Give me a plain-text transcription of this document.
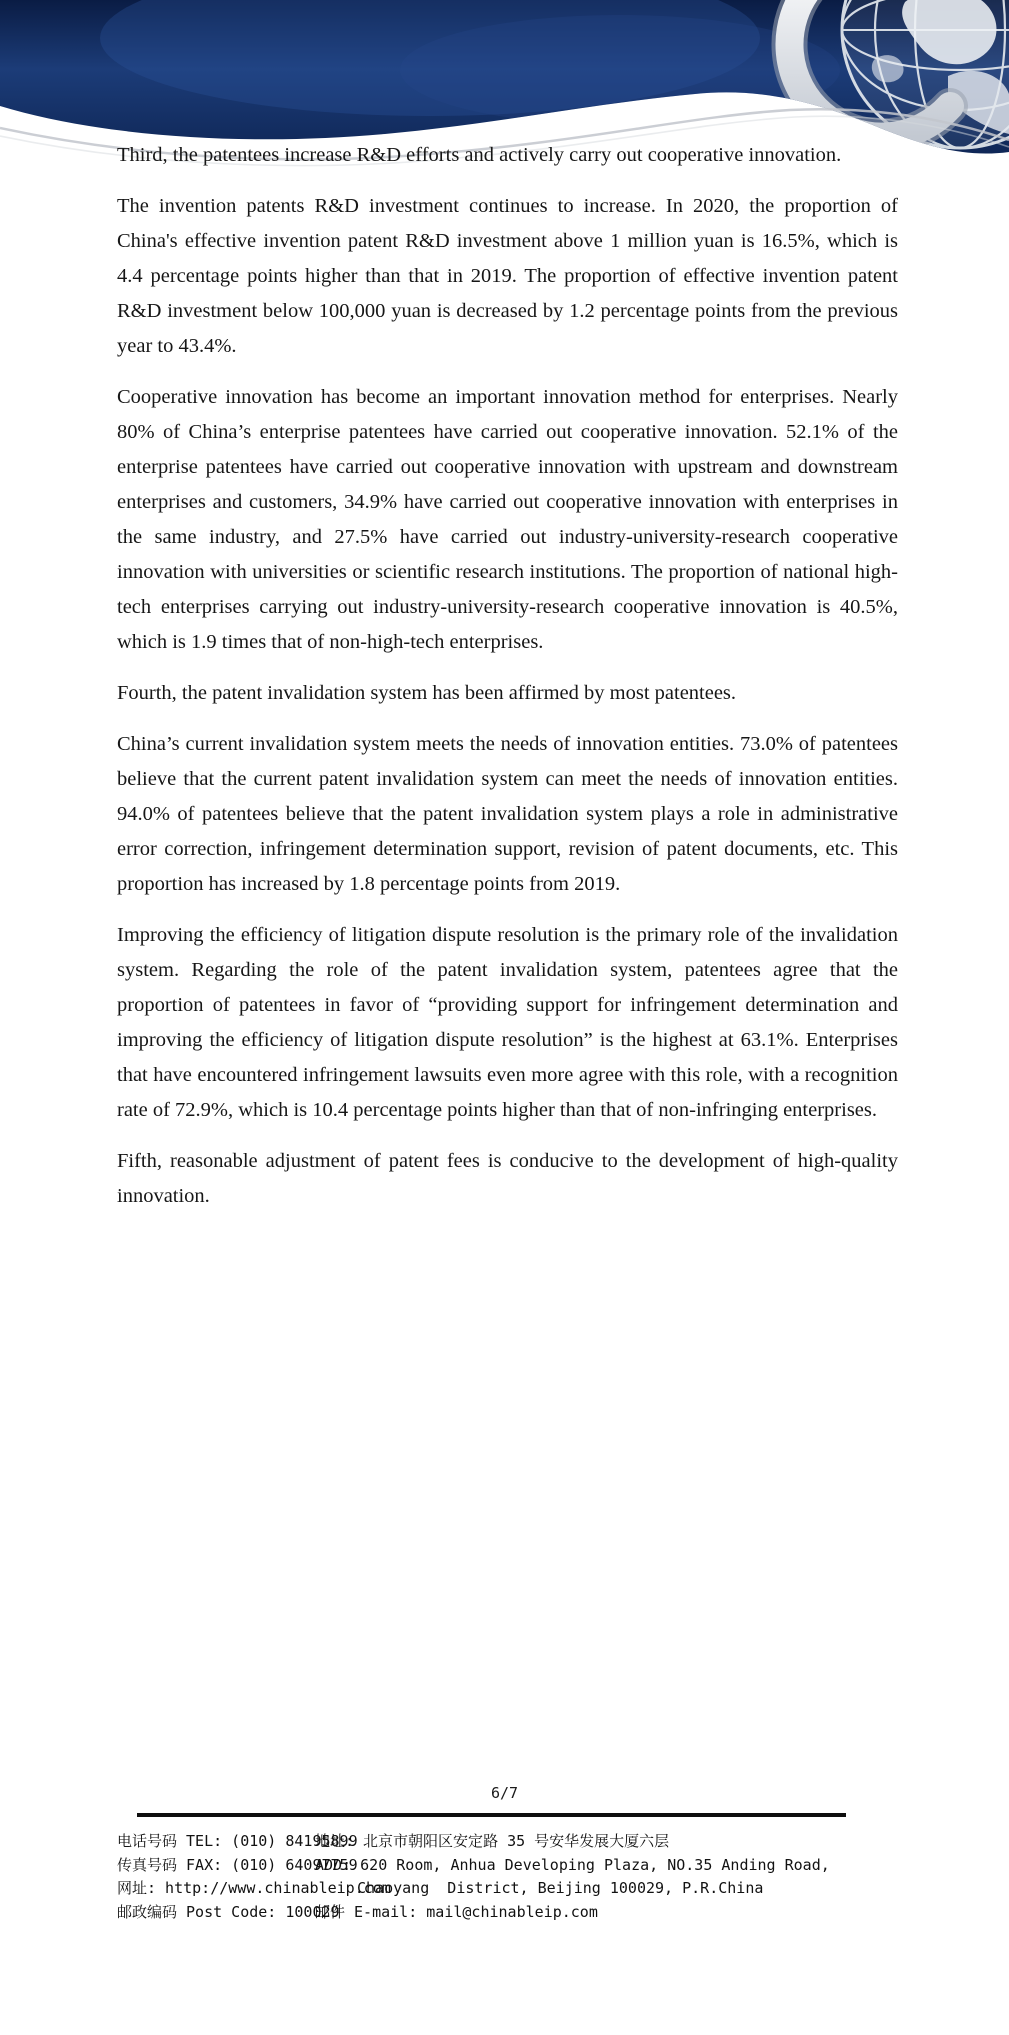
Third, the patentees increase R&D efforts and actively carry out cooperative innovation.

The invention patents R&D investment continues to increase. In 2020, the proportion of China's effective invention patent R&D investment above 1 million yuan is 16.5%, which is 4.4 percentage points higher than that in 2019. The proportion of effective invention patent R&D investment below 100,000 yuan is decreased by 1.2 percentage points from the previous year to 43.4%.

Cooperative innovation has become an important innovation method for enterprises. Nearly 80% of China’s enterprise patentees have carried out cooperative innovation. 52.1% of the enterprise patentees have carried out cooperative innovation with upstream and downstream enterprises and customers, 34.9% have carried out cooperative innovation with enterprises in the same industry, and 27.5% have carried out industry-university-research cooperative innovation with universities or scientific research institutions. The proportion of national high-tech enterprises carrying out industry-university-research cooperative innovation is 40.5%, which is 1.9 times that of non-high-tech enterprises.

Fourth, the patent invalidation system has been affirmed by most patentees.

China’s current invalidation system meets the needs of innovation entities. 73.0% of patentees believe that the current patent invalidation system can meet the needs of innovation entities. 94.0% of patentees believe that the patent invalidation system plays a role in administrative error correction, infringement determination support, revision of patent documents, etc. This proportion has increased by 1.8 percentage points from 2019.

Improving the efficiency of litigation dispute resolution is the primary role of the invalidation system. Regarding the role of the patent invalidation system, patentees agree that the proportion of patentees in favor of “providing support for infringement determination and improving the efficiency of litigation dispute resolution” is the highest at 63.1%. Enterprises that have encountered infringement lawsuits even more agree with this role, with a recognition rate of 72.9%, which is 10.4 percentage points higher than that of non-infringing enterprises.

Fifth, reasonable adjustment of patent fees is conducive to the development of high-quality innovation.

6/7
电话号码 TEL: (010) 84195899
传真号码 FAX: (010) 64097759
网址: http://www.chinableip.com
邮政编码 Post Code: 100029
地址: 北京市朝阳区安定路 35 号安华发展大厦六层
ADD: 620 Room, Anhua Developing Plaza, NO.35 Anding Road,
Chaoyang  District, Beijing 100029, P.R.China
邮件 E-mail: mail@chinableip.com
